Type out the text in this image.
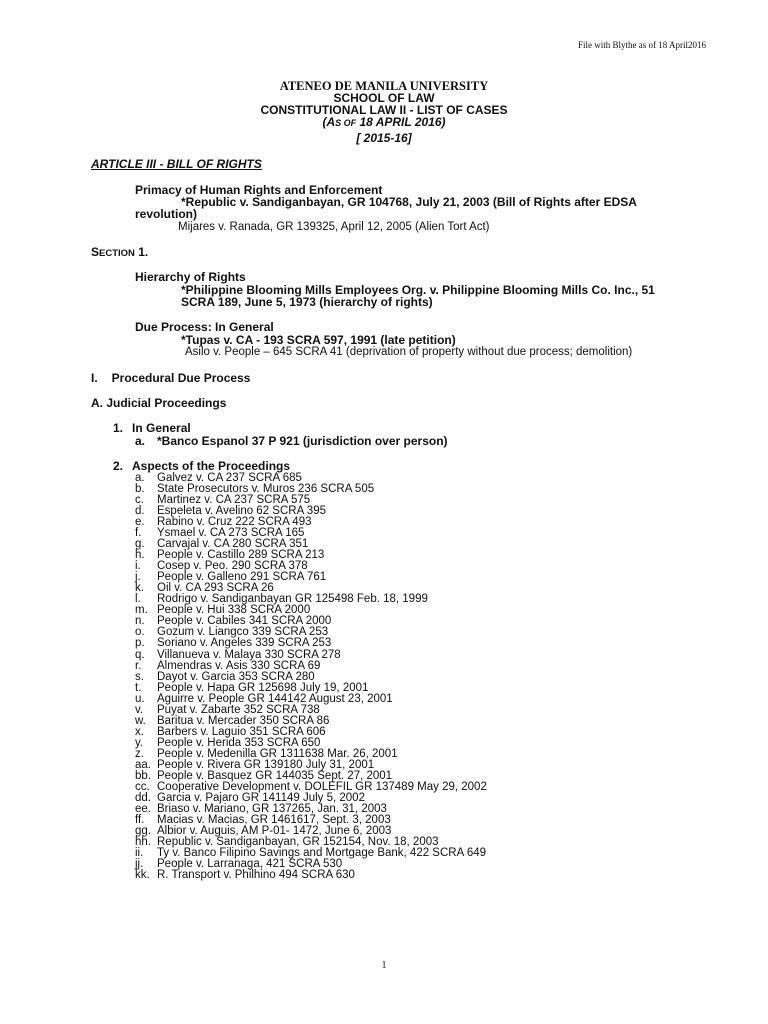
File with Blythe as of 18 April2016
ATENEO DE MANILA UNIVERSITY
SCHOOL OF LAW
CONSTITUTIONAL LAW II - LIST OF CASES
(AS OF 18 APRIL 2016)
[ 2015-16]
ARTICLE III - BILL OF RIGHTS
Primacy of Human Rights and Enforcement
*Republic v. Sandiganbayan, GR 104768, July 21, 2003 (Bill of Rights after EDSA
revolution)
Mijares v. Ranada, GR 139325, April 12, 2005 (Alien Tort Act)
SECTION 1.
Hierarchy of Rights
*Philippine Blooming Mills Employees Org. v. Philippine Blooming Mills Co. Inc., 51
SCRA 189, June 5, 1973 (hierarchy of rights)
Due Process: In General
*Tupas v. CA - 193 SCRA 597, 1991 (late petition)
Asilo v. People – 645 SCRA 41 (deprivation of property without due process; demolition)
I. Procedural Due Process
A. Judicial Proceedings
1. In General
a. *Banco Espanol 37 P 921 (jurisdiction over person)
2. Aspects of the Proceedings
a.	Galvez v. CA 237 SCRA 685
b.	State Prosecutors v. Muros 236 SCRA 505
c.	Martinez v. CA 237 SCRA 575
d.	Espeleta v. Avelino 62 SCRA 395
e.	Rabino v. Cruz 222 SCRA 493
f.	Ysmael v. CA 273 SCRA 165
g.	Carvajal v. CA 280 SCRA 351
h.	People v. Castillo 289 SCRA 213
i.	Cosep v. Peo. 290 SCRA 378
j.	People v. Galleno 291 SCRA 761
k.	Oil v. CA 293 SCRA 26
l.	Rodrigo v. Sandiganbayan GR 125498 Feb. 18, 1999
m. People v. Hui 338 SCRA 2000
n.	People v. Cabiles 341 SCRA 2000
o.	Gozum v. Liangco 339 SCRA 253
p.	Soriano v. Angeles 339 SCRA 253
q.	Villanueva v. Malaya 330 SCRA 278
r.	Almendras v. Asis 330 SCRA 69
s.	Dayot v. Garcia 353 SCRA 280
t.	People v. Hapa GR 125698 July 19, 2001
u.	Aguirre v. People GR 144142 August 23, 2001
v.	Puyat v. Zabarte 352 SCRA 738
w. Baritua v. Mercader 350 SCRA 86
x.	Barbers v. Laguio 351 SCRA 606
y.	People v. Herida 353 SCRA 650
z.	People v. Medenilla GR 1311638 Mar. 26, 2001
aa. People v. Rivera GR 139180 July 31, 2001
bb. People v. Basquez GR 144035 Sept. 27, 2001
cc. Cooperative Development v. DOLEFIL GR 137489 May 29, 2002
dd. Garcia v. Pajaro GR 141149 July 5, 2002
ee. Briaso v. Mariano, GR 137265, Jan. 31, 2003
ff.	Macias v. Macias, GR 1461617, Sept. 3, 2003
gg. Albior v. Auguis, AM P-01- 1472, June 6, 2003
hh. Republic v. Sandiganbayan, GR 152154, Nov. 18, 2003
ii.	Ty v. Banco Filipino Savings and Mortgage Bank, 422 SCRA 649
jj.	People v. Larranaga, 421 SCRA 530
kk. R. Transport v. Philhino 494 SCRA 630
1
